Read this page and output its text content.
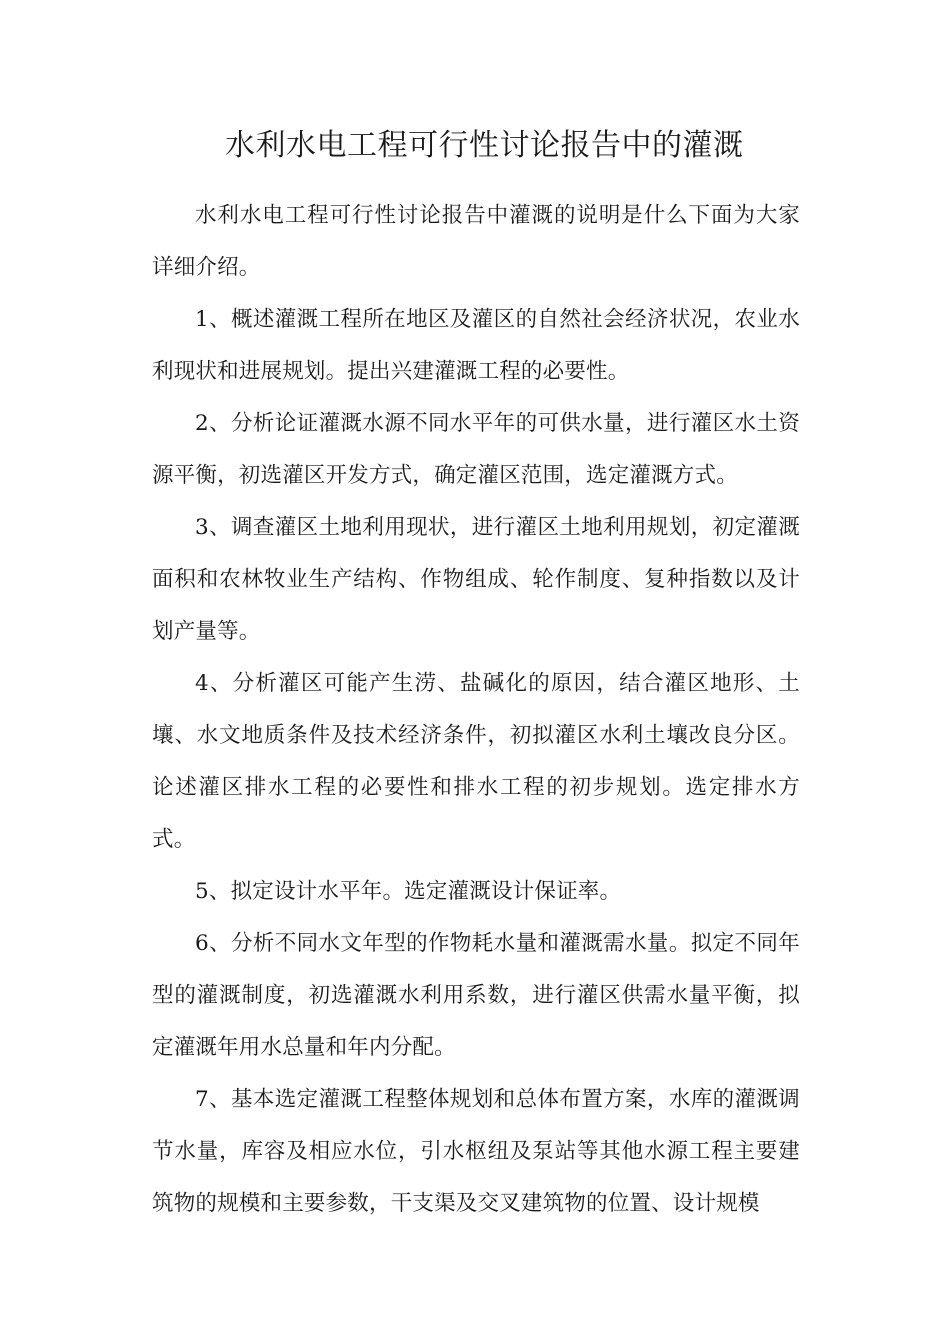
水利水电工程可行性讨论报告中的灌溉

水利水电工程可行性讨论报告中灌溉的说明是什么下面为大家详细介绍。

1、概述灌溉工程所在地区及灌区的自然社会经济状况，农业水利现状和进展规划。提出兴建灌溉工程的必要性。

2、分析论证灌溉水源不同水平年的可供水量，进行灌区水土资源平衡，初选灌区开发方式，确定灌区范围，选定灌溉方式。

3、调查灌区土地利用现状，进行灌区土地利用规划，初定灌溉面积和农林牧业生产结构、作物组成、轮作制度、复种指数以及计划产量等。

4、分析灌区可能产生涝、盐碱化的原因，结合灌区地形、土壤、水文地质条件及技术经济条件，初拟灌区水利土壤改良分区。论述灌区排水工程的必要性和排水工程的初步规划。选定排水方式。

5、拟定设计水平年。选定灌溉设计保证率。

6、分析不同水文年型的作物耗水量和灌溉需水量。拟定不同年型的灌溉制度，初选灌溉水利用系数，进行灌区供需水量平衡，拟定灌溉年用水总量和年内分配。

7、基本选定灌溉工程整体规划和总体布置方案，水库的灌溉调节水量，库容及相应水位，引水枢纽及泵站等其他水源工程主要建筑物的规模和主要参数，干支渠及交叉建筑物的位置、设计规模
